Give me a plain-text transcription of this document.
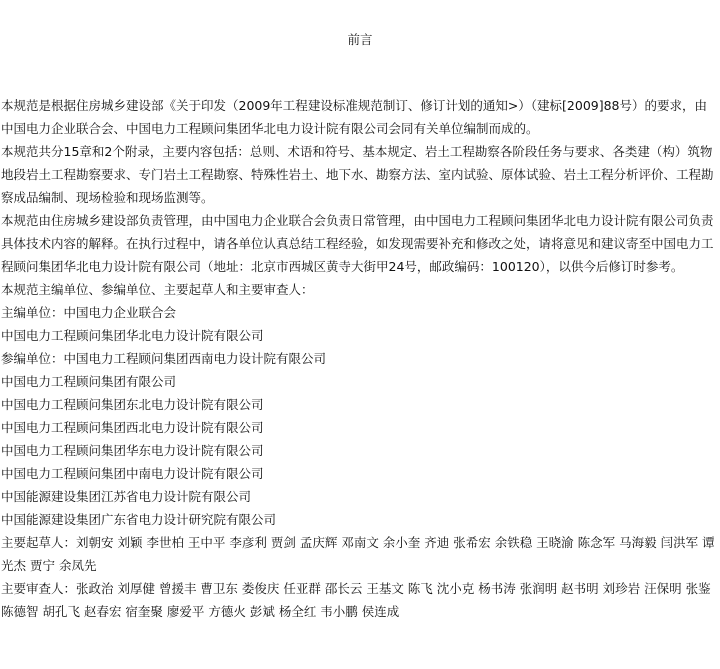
前言

本规范是根据住房城乡建设部《关于印发（2009年工程建设标准规范制订、修订计划的通知>）（建标[2009]88号）的要求，由中国电力企业联合会、中国电力工程顾问集团华北电力设计院有限公司会同有关单位编制而成的。

本规范共分15章和2个附录，主要内容包括：总则、术语和符号、基本规定、岩土工程勘察各阶段任务与要求、各类建（构）筑物地段岩土工程勘察要求、专门岩土工程勘察、特殊性岩土、地下水、勘察方法、室内试验、原体试验、岩土工程分析评价、工程勘察成品编制、现场检验和现场监测等。

本规范由住房城乡建设部负责管理，由中国电力企业联合会负责日常管理，由中国电力工程顾问集团华北电力设计院有限公司负责具体技术内容的解释。在执行过程中，请各单位认真总结工程经验，如发现需要补充和修改之处，请将意见和建议寄至中国电力工程顾问集团华北电力设计院有限公司（地址：北京市西城区黄寺大街甲24号，邮政编码：100120），以供今后修订时参考。

本规范主编单位、参编单位、主要起草人和主要审查人：

主编单位：中国电力企业联合会

中国电力工程顾问集团华北电力设计院有限公司

参编单位：中国电力工程顾问集团西南电力设计院有限公司

中国电力工程顾问集团有限公司

中国电力工程顾问集团东北电力设计院有限公司

中国电力工程顾问集团西北电力设计院有限公司

中国电力工程顾问集团华东电力设计院有限公司

中国电力工程顾问集团中南电力设计院有限公司

中国能源建设集团江苏省电力设计院有限公司

中国能源建设集团广东省电力设计研究院有限公司

主要起草人：刘朝安 刘颖 李世柏 王中平 李彦利 贾剑 孟庆辉 邓南文 余小奎 齐迪 张希宏 余铁稳 王晓渝 陈念军 马海毅 闫洪军 谭光杰 贾宁 余凤先

主要审查人：张政治 刘厚健 曾援丰 曹卫东 娄俊庆 任亚群 邵长云 王基文 陈飞 沈小克 杨书涛 张润明 赵书明 刘珍岩 汪保明 张鉴 陈德智 胡孔飞 赵春宏 宿奎聚 廖爱平 方德火 彭斌 杨全红 韦小鹏 侯连成
